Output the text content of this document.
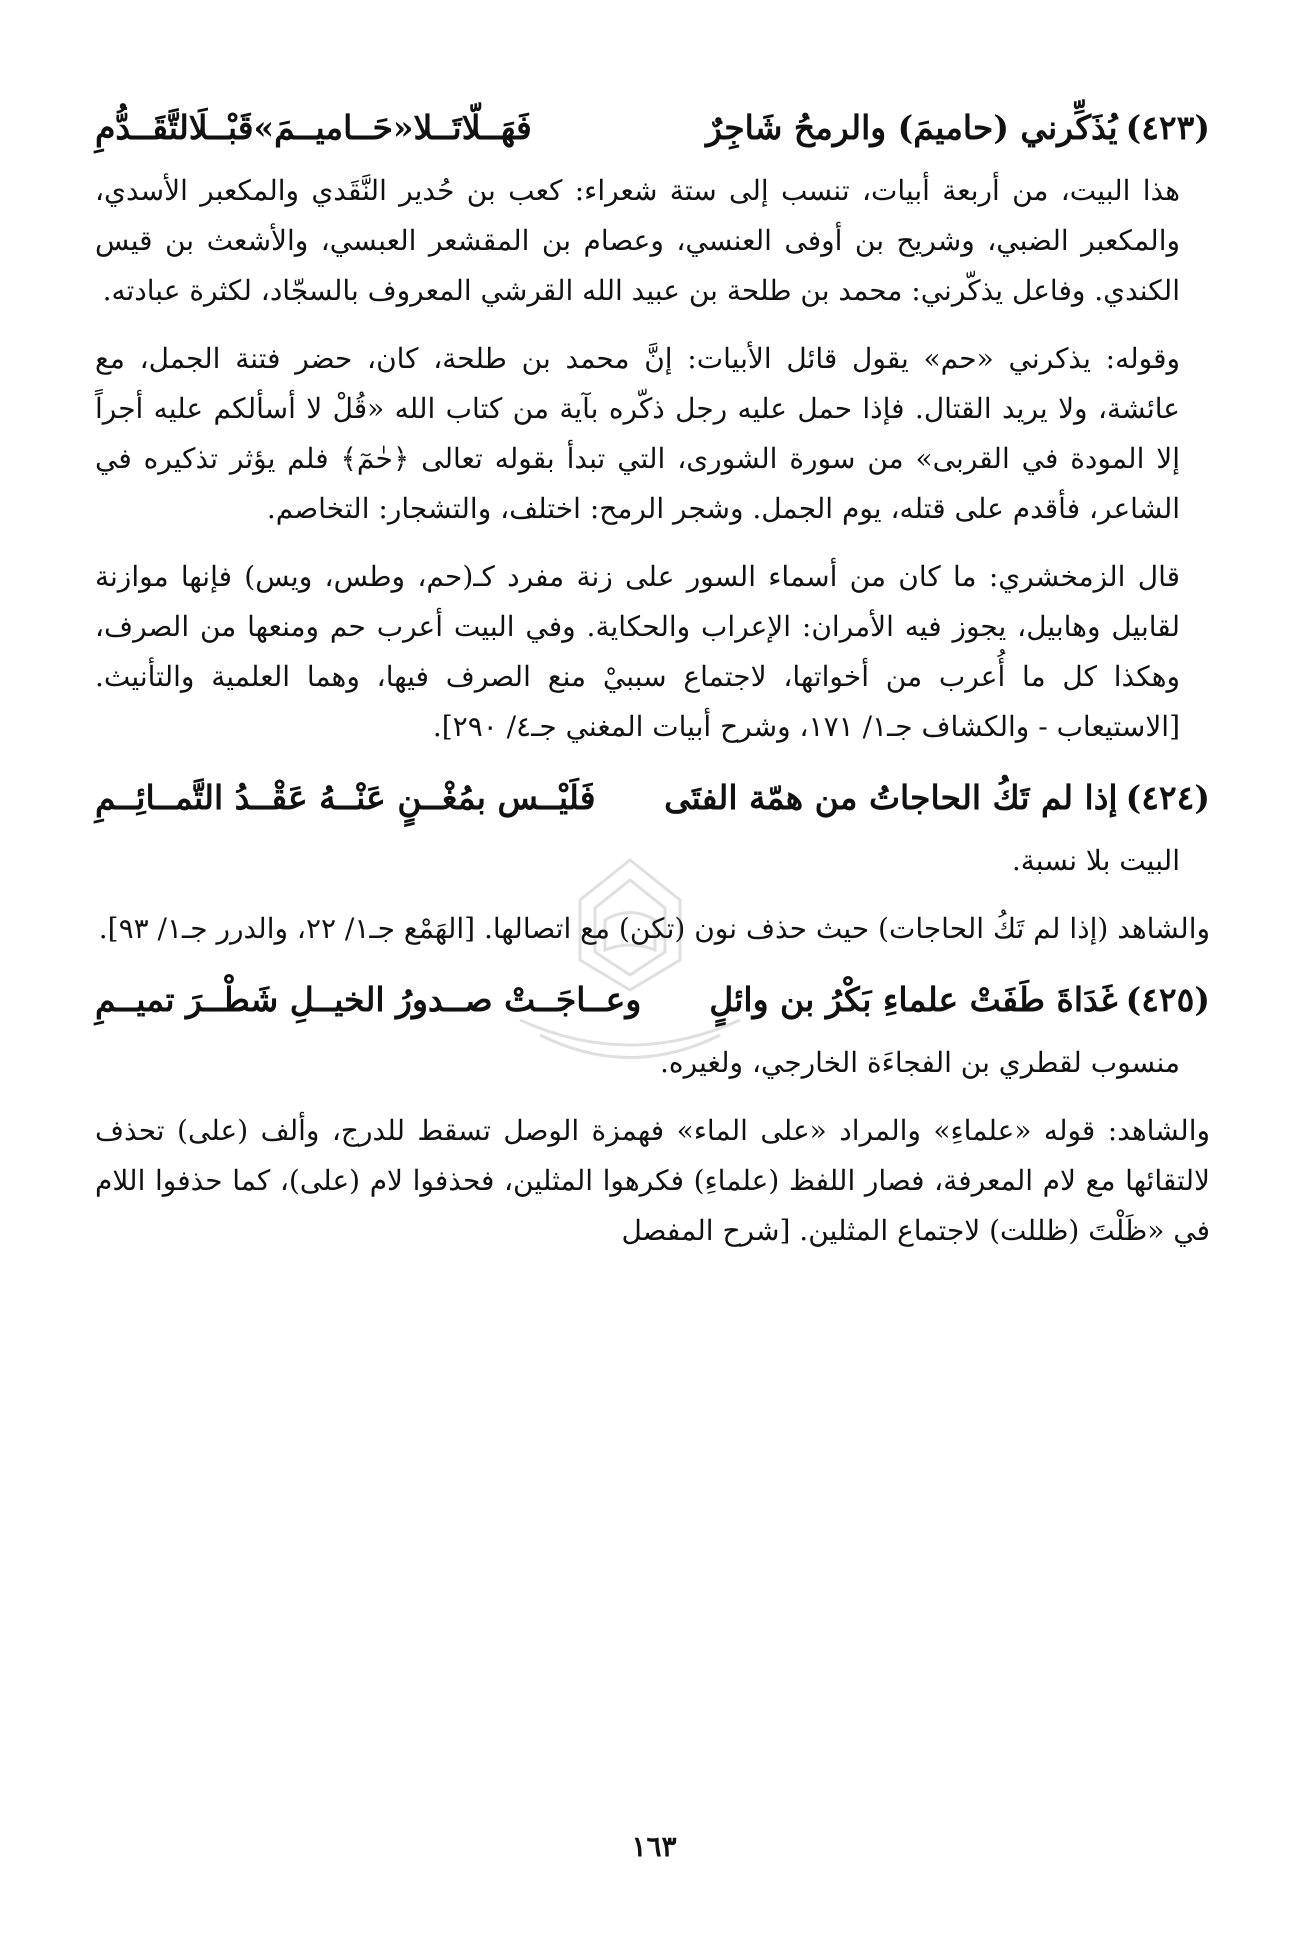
(٤٢٣)يُذَكِّرني (حاميمَ) والرمحُ شَاجِرٌ
فَهَــلّاتَــلا«حَــاميــمَ»قَبْــلَالتَّقَــدُّمِ

هذا البيت، من أربعة أبيات، تنسب إلى ستة شعراء: كعب بن حُدير النَّقَدي والمكعبر الأسدي، والمكعبر الضبي، وشريح بن أوفى العنسي، وعصام بن المقشعر العبسي، والأشعث بن قيس الكندي. وفاعل يذكّرني: محمد بن طلحة بن عبيد الله القرشي المعروف بالسجّاد، لكثرة عبادته.

وقوله: يذكرني «حم» يقول قائل الأبيات: إنَّ محمد بن طلحة، كان، حضر فتنة الجمل، مع عائشة، ولا يريد القتال. فإذا حمل عليه رجل ذكّره بآية من كتاب الله «قُلْ لا أسألكم عليه أجراً إلا المودة في القربى» من سورة الشورى، التي تبدأ بقوله تعالى ﴿حٰمٓ﴾ فلم يؤثر تذكيره في الشاعر، فأقدم على قتله، يوم الجمل. وشجر الرمح: اختلف، والتشجار: التخاصم.

قال الزمخشري: ما كان من أسماء السور على زنة مفرد كـ(حم، وطس، ويس) فإنها موازنة لقابيل وهابيل، يجوز فيه الأمران: الإعراب والحكاية. وفي البيت أعرب حم ومنعها من الصرف، وهكذا كل ما أُعرب من أخواتها، لاجتماع سببيْ منع الصرف فيها، وهما العلمية والتأنيث. [الاستيعاب - والكشاف جـ١/ ١٧١، وشرح أبيات المغني جـ٤/ ٢٩٠].

(٤٢٤)إذا لم تَكُ الحاجاتُ من همّة الفتَى
فَلَيْــس بمُغْــنٍ عَنْــهُ عَقْــدُ التَّمــائِــمِ

البيت بلا نسبة.

والشاهد (إذا لم تَكُ الحاجات) حيث حذف نون (تكن) مع اتصالها. [الهَمْع جـ١/ ٢٢، والدرر جـ١/ ٩٣].

(٤٢٥)غَدَاةَ طَفَتْ علماءِ بَكْرُ بن وائلٍ
وعــاجَــتْ صــدورُ الخيــلِ شَطْــرَ تميــمِ

منسوب لقطري بن الفجاءَة الخارجي، ولغيره.

والشاهد: قوله «علماءِ» والمراد «على الماء» فهمزة الوصل تسقط للدرج، وألف (على) تحذف لالتقائها مع لام المعرفة، فصار اللفظ (علماءِ) فكرهوا المثلين، فحذفوا لام (على)، كما حذفوا اللام في «ظَلْتَ (ظللت) لاجتماع المثلين. [شرح المفصل

١٦٣
